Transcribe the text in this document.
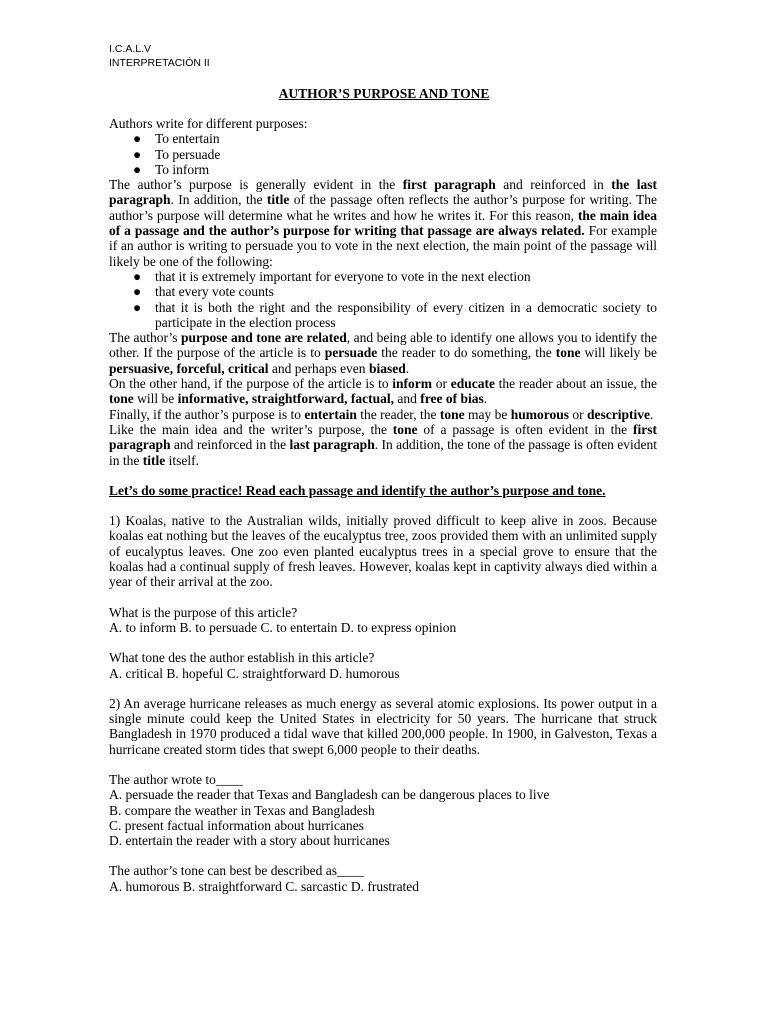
I.C.A.L.V
INTERPRETACIÓN II
AUTHOR’S PURPOSE AND TONE

Authors write for different purposes:

●	To entertain
●	To persuade
●	To inform

The author’s purpose is generally evident in the first paragraph and reinforced in the last paragraph. In addition, the title of the passage often reflects the author’s purpose for writing. The author’s purpose will determine what he writes and how he writes it. For this reason, the main idea of a passage and the author’s purpose for writing that passage are always related. For example if an author is writing to persuade you to vote in the next election, the main point of the passage will likely be one of the following:

●	that it is extremely important for everyone to vote in the next election
●	that every vote counts
●	that it is both the right and the responsibility of every citizen in a democratic society to participate in the election process

The author’s purpose and tone are related, and being able to identify one allows you to identify the other. If the purpose of the article is to persuade the reader to do something, the tone will likely be persuasive, forceful, critical and perhaps even biased.

On the other hand, if the purpose of the article is to inform or educate the reader about an issue, the tone will be informative, straightforward, factual, and free of bias.

Finally, if the author’s purpose is to entertain the reader, the tone may be humorous or descriptive.

Like the main idea and the writer’s purpose, the tone of a passage is often evident in the first paragraph and reinforced in the last paragraph. In addition, the tone of the passage is often evident in the title itself.

Let’s do some practice! Read each passage and identify the author’s purpose and tone.

1) Koalas, native to the Australian wilds, initially proved difficult to keep alive in zoos. Because koalas eat nothing but the leaves of the eucalyptus tree, zoos provided them with an unlimited supply of eucalyptus leaves. One zoo even planted eucalyptus trees in a special grove to ensure that the koalas had a continual supply of fresh leaves. However, koalas kept in captivity always died within a year of their arrival at the zoo.

What is the purpose of this article?

A. to inform B. to persuade C. to entertain D. to express opinion

What tone des the author establish in this article?

A. critical B. hopeful C. straightforward D. humorous

2) An average hurricane releases as much energy as several atomic explosions. Its power output in a single minute could keep the United States in electricity for 50 years. The hurricane that struck Bangladesh in 1970 produced a tidal wave that killed 200,000 people. In 1900, in Galveston, Texas a hurricane created storm tides that swept 6,000 people to their deaths.

The author wrote to____

A. persuade the reader that Texas and Bangladesh can be dangerous places to live

B. compare the weather in Texas and Bangladesh

C. present factual information about hurricanes

D. entertain the reader with a story about hurricanes

The author’s tone can best be described as____

A. humorous B. straightforward C. sarcastic D. frustrated
